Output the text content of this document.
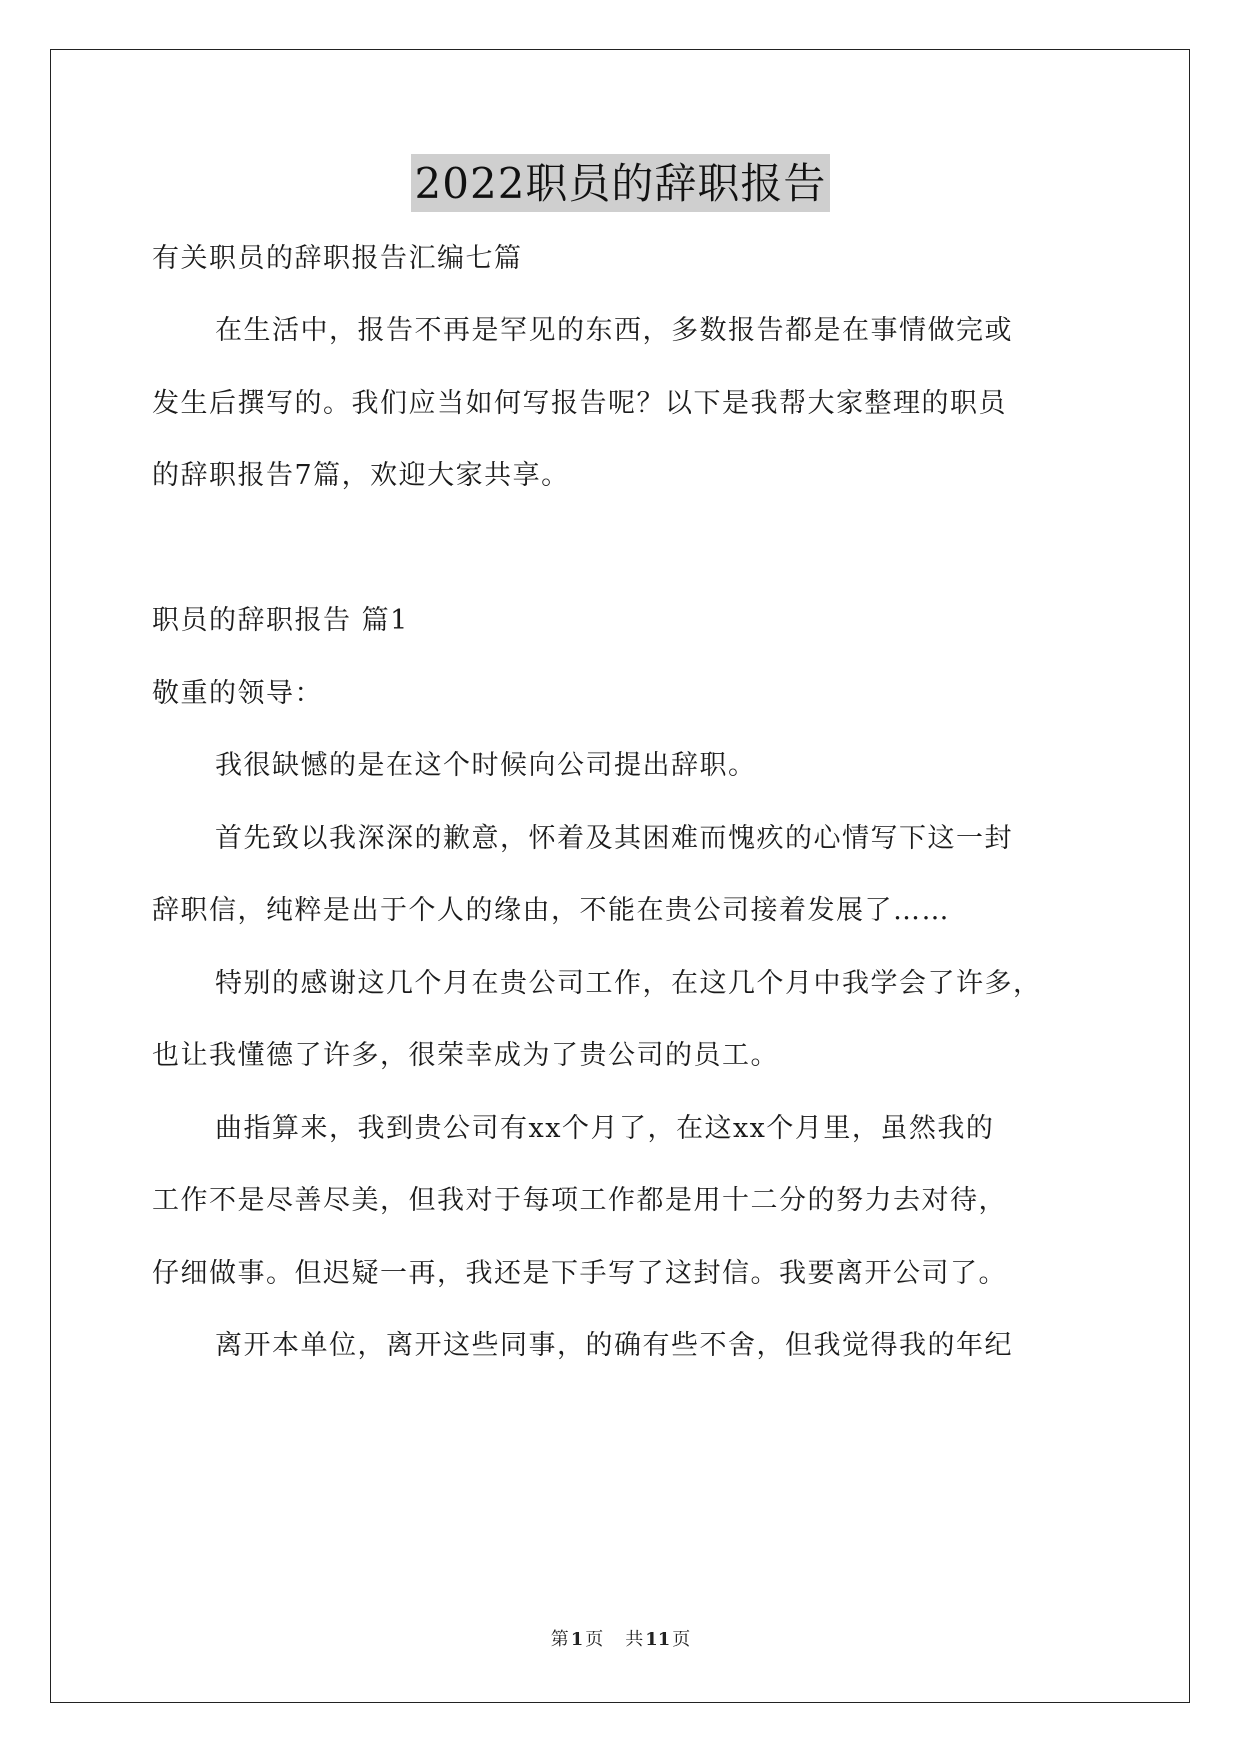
2022职员的辞职报告
有关职员的辞职报告汇编七篇
在生活中，报告不再是罕见的东西，多数报告都是在事情做完或
发生后撰写的。我们应当如何写报告呢？以下是我帮大家整理的职员
的辞职报告7篇，欢迎大家共享。
职员的辞职报告 篇1
敬重的领导：
我很缺憾的是在这个时候向公司提出辞职。
首先致以我深深的歉意，怀着及其困难而愧疚的心情写下这一封
辞职信，纯粹是出于个人的缘由，不能在贵公司接着发展了……
特别的感谢这几个月在贵公司工作，在这几个月中我学会了许多，
也让我懂德了许多，很荣幸成为了贵公司的员工。
曲指算来，我到贵公司有xx个月了，在这xx个月里，虽然我的
工作不是尽善尽美，但我对于每项工作都是用十二分的努力去对待，
仔细做事。但迟疑一再，我还是下手写了这封信。我要离开公司了。
离开本单位，离开这些同事，的确有些不舍，但我觉得我的年纪
第 1 页 共 11 页
